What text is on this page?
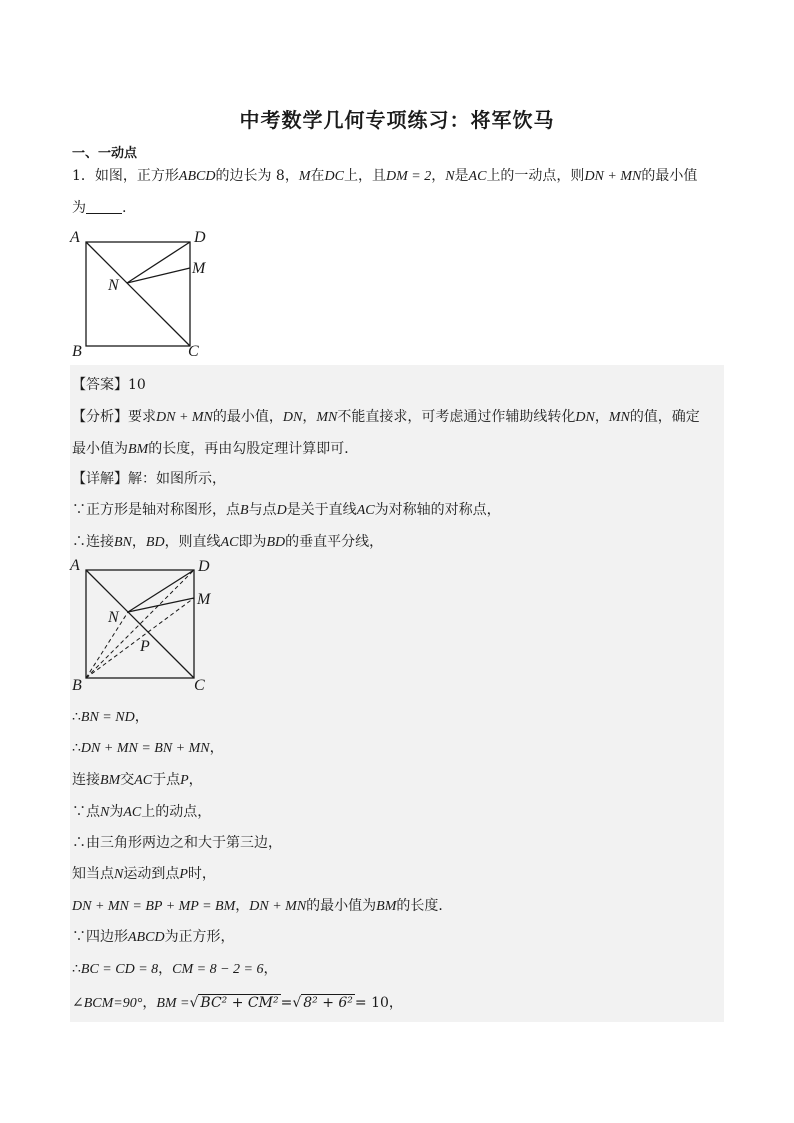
中考数学几何专项练习：将军饮马
一、一动点
1．如图，正方形ABCD的边长为 8，M在DC上，且DM = 2，N是AC上的一动点，则DN + MN的最小值
为	.
A	D
M
N
B	C
【答案】10
【分析】要求DN + MN的最小值，DN，MN不能直接求，可考虑通过作辅助线转化DN，MN的值，确定
最小值为BM的长度，再由勾股定理计算即可．
【详解】解：如图所示，
∵正方形是轴对称图形，点B与点D是关于直线AC为对称轴的对称点，
∴连接BN，BD，则直线AC即为BD的垂直平分线，
A	D
M
N
P
B	C
∴BN = ND，
∴DN + MN = BN + MN，
连接BM交AC于点P，
∵点N为AC上的动点，
∴由三角形两边之和大于第三边，
知当点N运动到点P时，
DN + MN = BP + MP = BM，DN + MN的最小值为BM的长度．
∵四边形ABCD为正方形，
∴BC = CD = 8，CM = 8 − 2 = 6，
∠BCM=90°，BM =√ BC² + CM² =√ 8² + 6² = 10，
